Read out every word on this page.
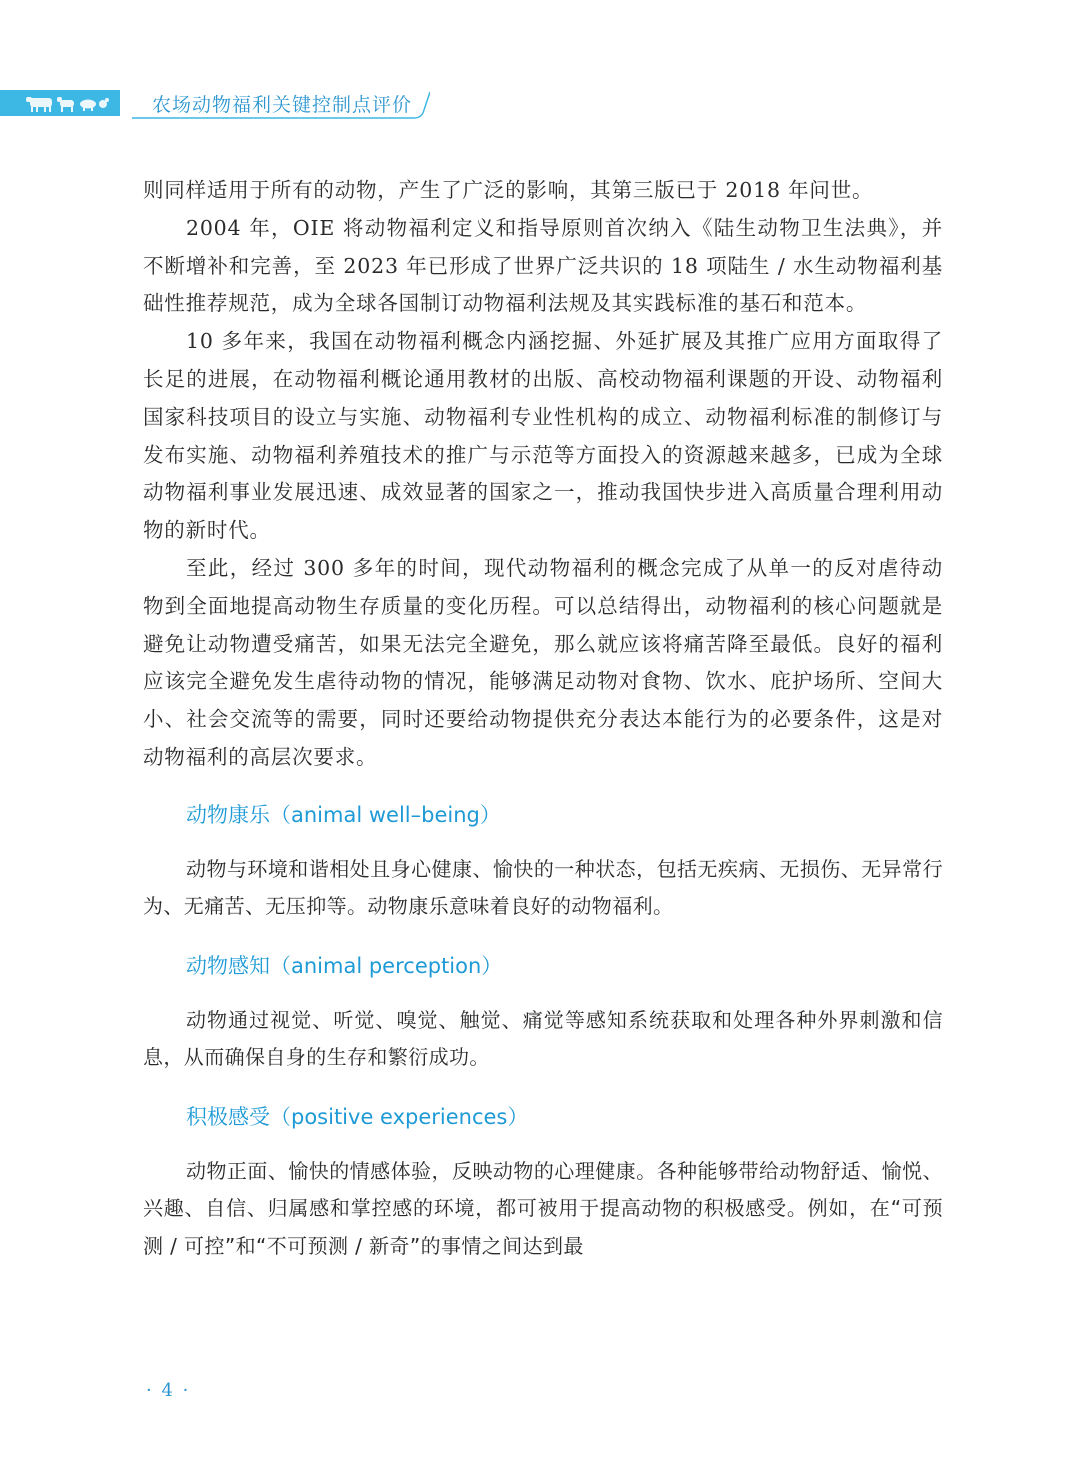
农场动物福利关键控制点评价

则同样适用于所有的动物，产生了广泛的影响，其第三版已于 2018 年问世。

2004 年，OIE 将动物福利定义和指导原则首次纳入《陆生动物卫生法典》，并不断增补和完善，至 2023 年已形成了世界广泛共识的 18 项陆生 / 水生动物福利基础性推荐规范，成为全球各国制订动物福利法规及其实践标准的基石和范本。

10 多年来，我国在动物福利概念内涵挖掘、外延扩展及其推广应用方面取得了长足的进展，在动物福利概论通用教材的出版、高校动物福利课题的开设、动物福利国家科技项目的设立与实施、动物福利专业性机构的成立、动物福利标准的制修订与发布实施、动物福利养殖技术的推广与示范等方面投入的资源越来越多，已成为全球动物福利事业发展迅速、成效显著的国家之一，推动我国快步进入高质量合理利用动物的新时代。

至此，经过 300 多年的时间，现代动物福利的概念完成了从单一的反对虐待动物到全面地提高动物生存质量的变化历程。可以总结得出，动物福利的核心问题就是避免让动物遭受痛苦，如果无法完全避免，那么就应该将痛苦降至最低。良好的福利应该完全避免发生虐待动物的情况，能够满足动物对食物、饮水、庇护场所、空间大小、社会交流等的需要，同时还要给动物提供充分表达本能行为的必要条件，这是对动物福利的高层次要求。

动物康乐（animal well–being）

动物与环境和谐相处且身心健康、愉快的一种状态，包括无疾病、无损伤、无异常行为、无痛苦、无压抑等。动物康乐意味着良好的动物福利。

动物感知（animal perception）

动物通过视觉、听觉、嗅觉、触觉、痛觉等感知系统获取和处理各种外界刺激和信息，从而确保自身的生存和繁衍成功。

积极感受（positive experiences）

动物正面、愉快的情感体验，反映动物的心理健康。各种能够带给动物舒适、愉悦、兴趣、自信、归属感和掌控感的环境，都可被用于提高动物的积极感受。例如，在“可预测 / 可控”和“不可预测 / 新奇”的事情之间达到最

· 4 ·
